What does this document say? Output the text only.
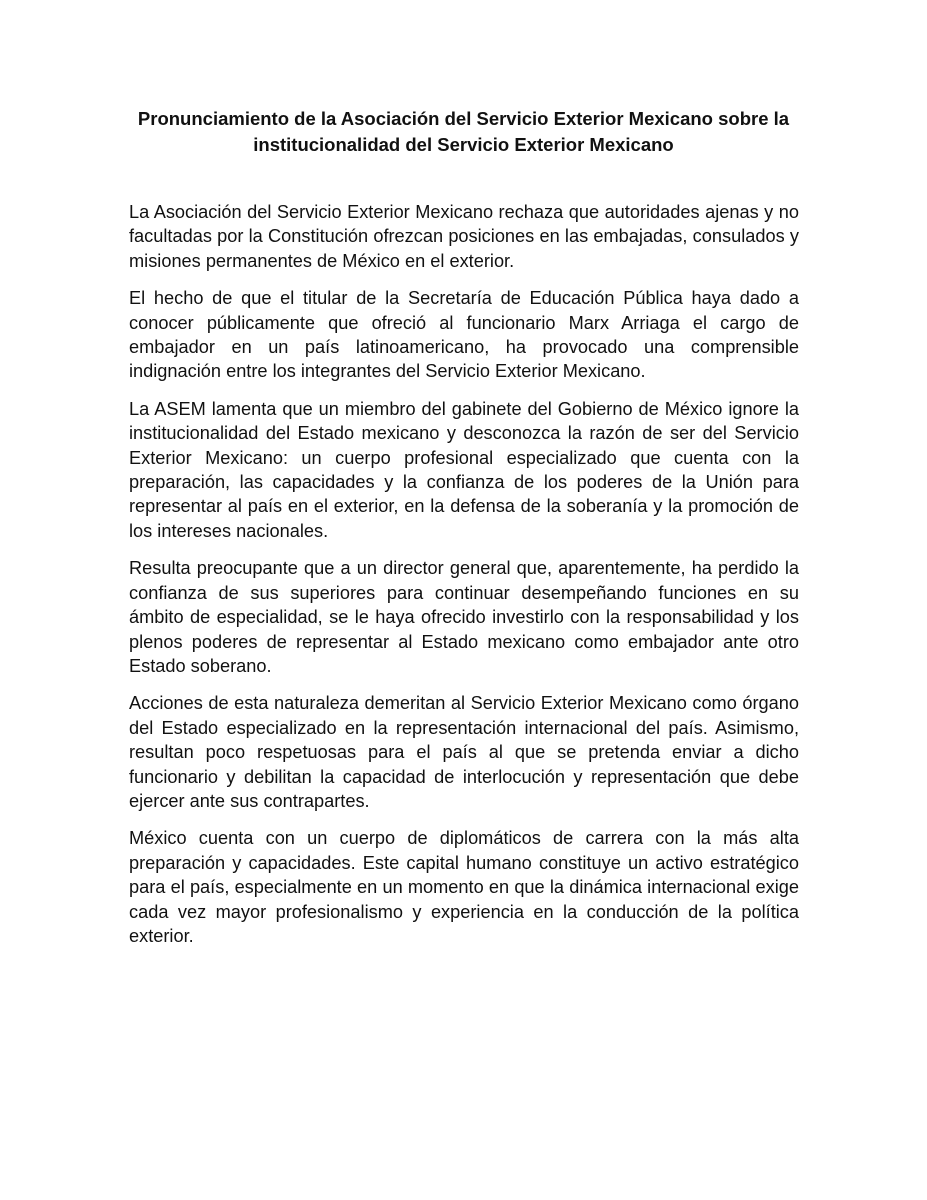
Pronunciamiento de la Asociación del Servicio Exterior Mexicano sobre la
institucionalidad del Servicio Exterior Mexicano

La Asociación del Servicio Exterior Mexicano rechaza que autoridades ajenas y no facultadas por la Constitución ofrezcan posiciones en las embajadas, consulados y misiones permanentes de México en el exterior.

El hecho de que el titular de la Secretaría de Educación Pública haya dado a conocer públicamente que ofreció al funcionario Marx Arriaga el cargo de embajador en un país latinoamericano, ha provocado una comprensible indignación entre los integrantes del Servicio Exterior Mexicano.

La ASEM lamenta que un miembro del gabinete del Gobierno de México ignore la institucionalidad del Estado mexicano y desconozca la razón de ser del Servicio Exterior Mexicano: un cuerpo profesional especializado que cuenta con la preparación, las capacidades y la confianza de los poderes de la Unión para representar al país en el exterior, en la defensa de la soberanía y la promoción de los intereses nacionales.

Resulta preocupante que a un director general que, aparentemente, ha perdido la confianza de sus superiores para continuar desempeñando funciones en su ámbito de especialidad, se le haya ofrecido investirlo con la responsabilidad y los plenos poderes de representar al Estado mexicano como embajador ante otro Estado soberano.

Acciones de esta naturaleza demeritan al Servicio Exterior Mexicano como órgano del Estado especializado en la representación internacional del país. Asimismo, resultan poco respetuosas para el país al que se pretenda enviar a dicho funcionario y debilitan la capacidad de interlocución y representación que debe ejercer ante sus contrapartes.

México cuenta con un cuerpo de diplomáticos de carrera con la más alta preparación y capacidades. Este capital humano constituye un activo estratégico para el país, especialmente en un momento en que la dinámica internacional exige cada vez mayor profesionalismo y experiencia en la conducción de la política exterior.
